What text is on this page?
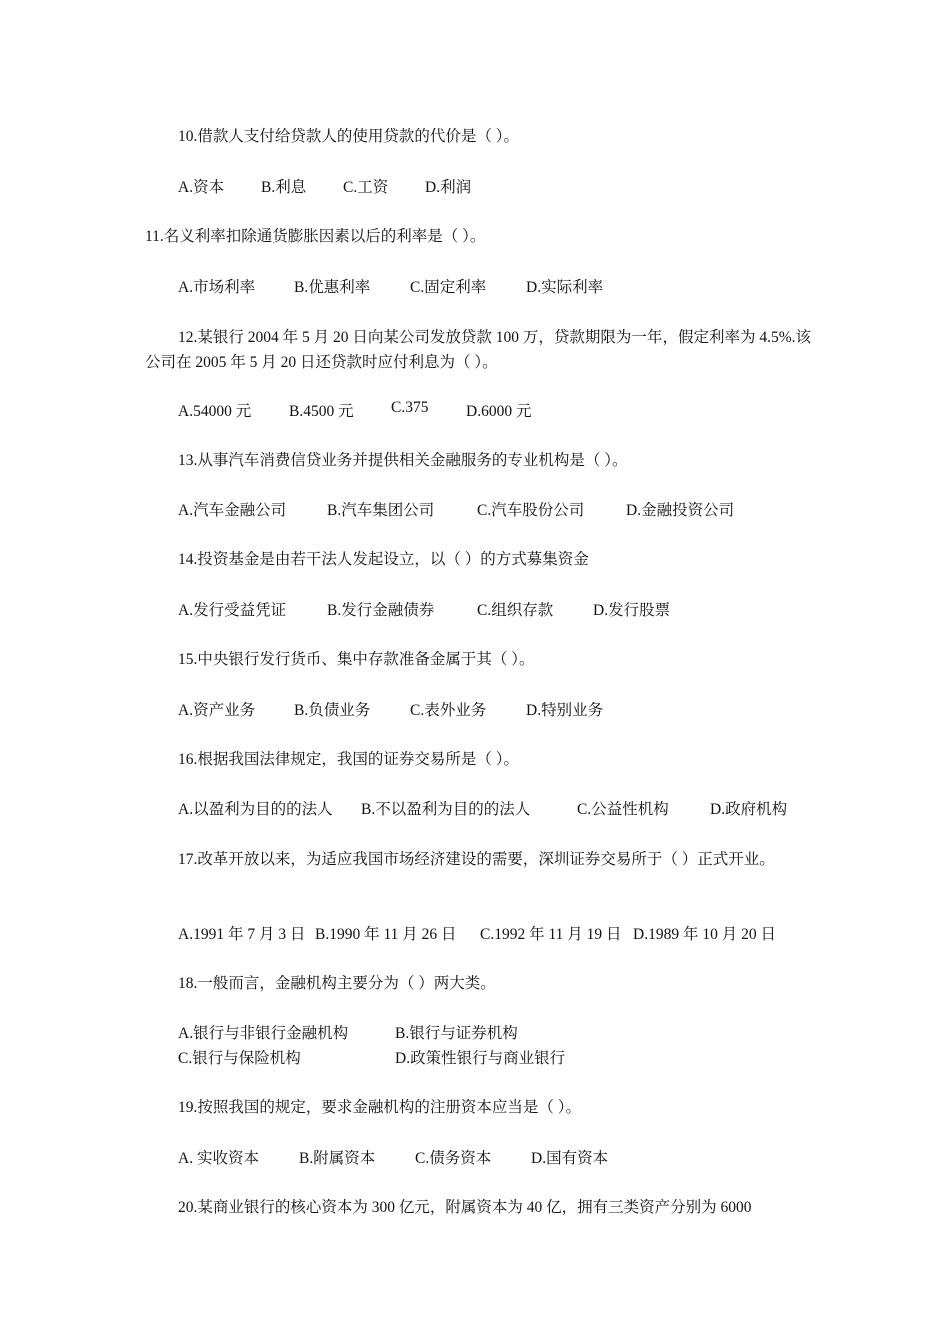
10.借款人支付给贷款人的使用贷款的代价是（ ）。
A.资本 B.利息 C.工资 D.利润
11.名义利率扣除通货膨胀因素以后的利率是（ ）。
A.市场利率	B.优惠利率	C.固定利率	D.实际利率
12.某银行 2004 年 5 月 20 日向某公司发放贷款 100 万，贷款期限为一年，假定利率为 4.5%.该公司在 2005 年 5 月 20 日还贷款时应付利息为（ ）。
A.54000 元 B.4500 元 C.375 D.6000 元
13.从事汽车消费信贷业务并提供相关金融服务的专业机构是（ ）。
A.汽车金融公司	B.汽车集团公司	C.汽车股份公司	D.金融投资公司
14.投资基金是由若干法人发起设立，以（ ）的方式募集资金
A.发行受益凭证	B.发行金融债券	C.组织存款	D.发行股票
15.中央银行发行货币、集中存款准备金属于其（ ）。
A.资产业务	B.负债业务	C.表外业务	D.特别业务
16.根据我国法律规定，我国的证券交易所是（ ）。
A.以盈利为目的的法人 B.不以盈利为目的的法人	C.公益性机构	D.政府机构
17.改革开放以来，为适应我国市场经济建设的需要，深圳证券交易所于（ ）正式开业。
A.1991 年 7 月 3 日 B.1990 年 11 月 26 日 C.1992 年 11 月 19 日 D.1989 年 10 月 20 日
18.一般而言，金融机构主要分为（ ）两大类。
A.银行与非银行金融机构	B.银行与证券机构
C.银行与保险机构	D.政策性银行与商业银行
19.按照我国的规定，要求金融机构的注册资本应当是（ ）。
A. 实收资本	B.附属资本	C.债务资本	D.国有资本
20.某商业银行的核心资本为 300 亿元，附属资本为 40 亿，拥有三类资产分别为 6000
